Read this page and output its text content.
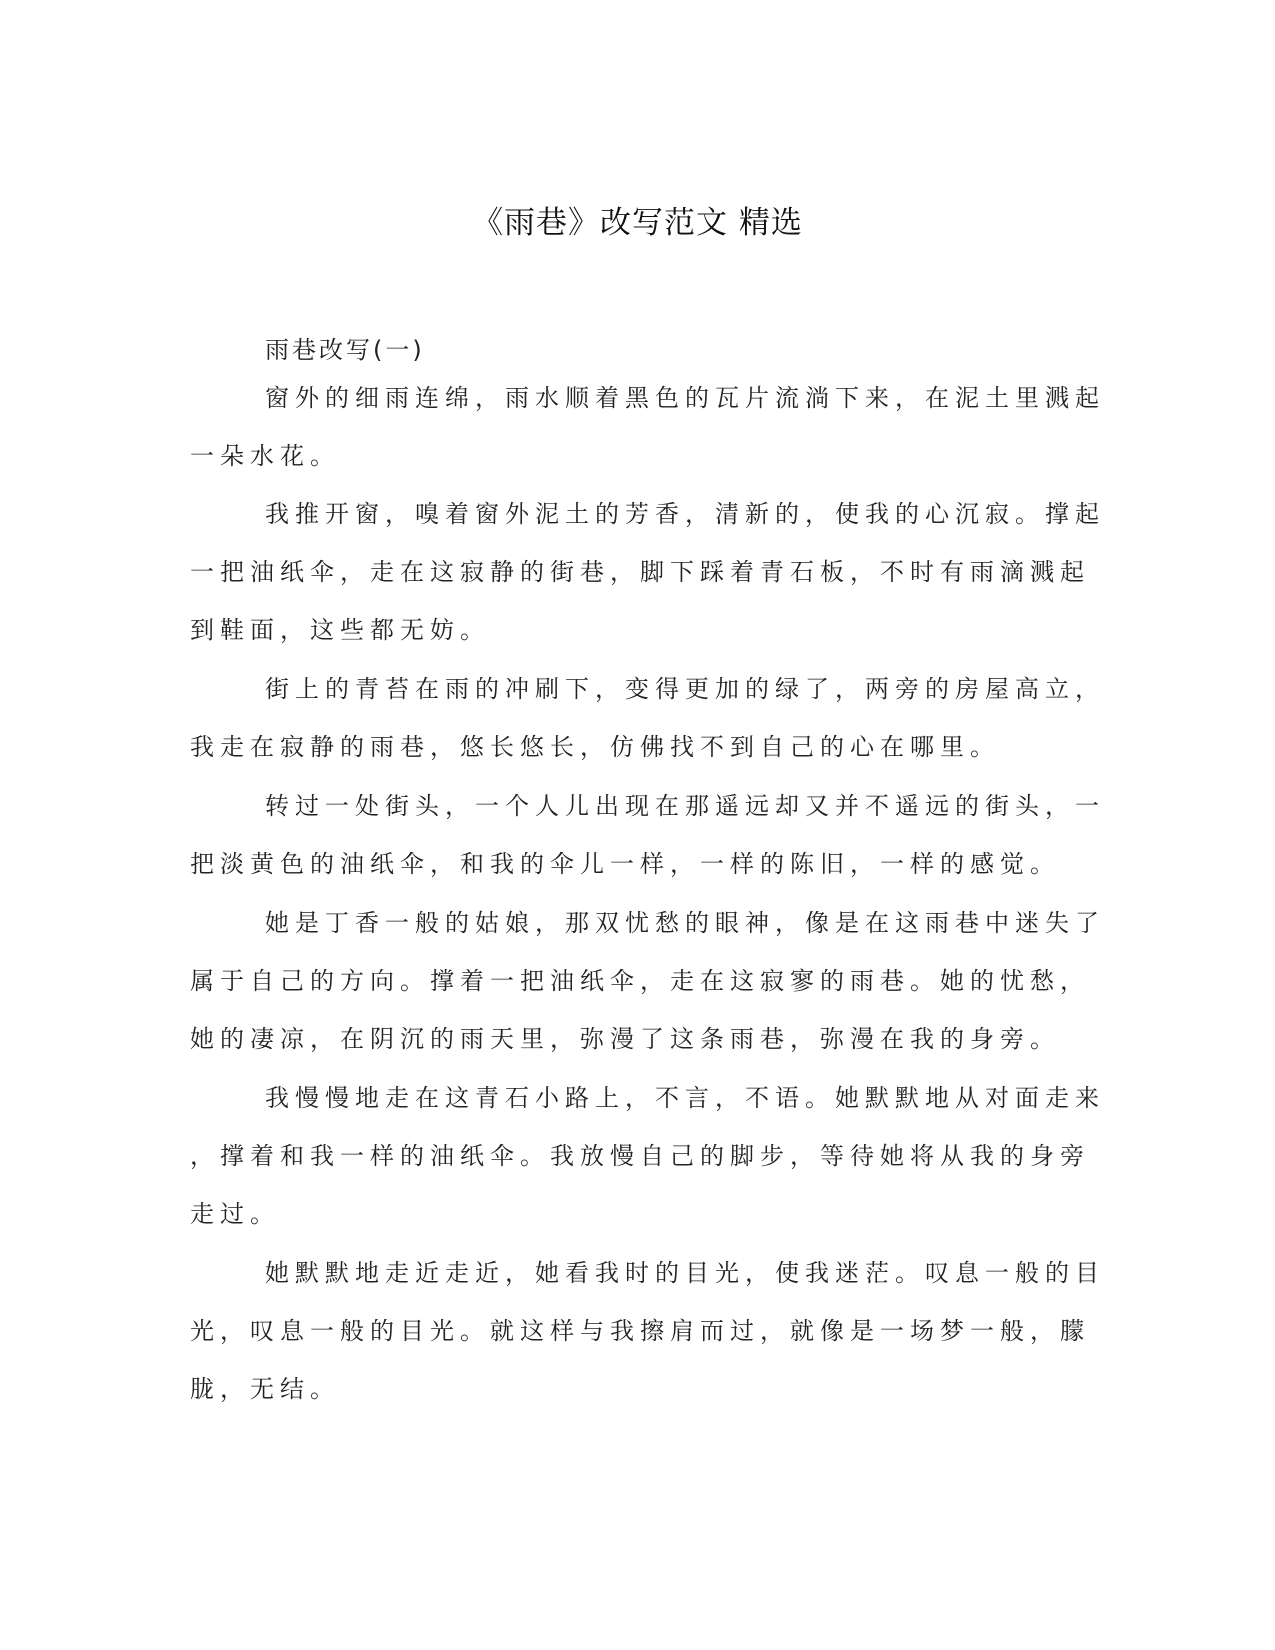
《雨巷》改写范文 精选
雨巷改写(一)
窗外的细雨连绵，雨水顺着黑色的瓦片流淌下来，在泥土里溅起
一朵水花。
我推开窗，嗅着窗外泥土的芳香，清新的，使我的心沉寂。撑起
一把油纸伞，走在这寂静的街巷，脚下踩着青石板，不时有雨滴溅起
到鞋面，这些都无妨。
街上的青苔在雨的冲刷下，变得更加的绿了，两旁的房屋高立，
我走在寂静的雨巷，悠长悠长，仿佛找不到自己的心在哪里。
转过一处街头，一个人儿出现在那遥远却又并不遥远的街头，一
把淡黄色的油纸伞，和我的伞儿一样，一样的陈旧，一样的感觉。
她是丁香一般的姑娘，那双忧愁的眼神，像是在这雨巷中迷失了
属于自己的方向。撑着一把油纸伞，走在这寂寥的雨巷。她的忧愁，
她的凄凉，在阴沉的雨天里，弥漫了这条雨巷，弥漫在我的身旁。
我慢慢地走在这青石小路上，不言，不语。她默默地从对面走来
，撑着和我一样的油纸伞。我放慢自己的脚步，等待她将从我的身旁
走过。
她默默地走近走近，她看我时的目光，使我迷茫。叹息一般的目
光，叹息一般的目光。就这样与我擦肩而过，就像是一场梦一般，朦
胧，无结。
